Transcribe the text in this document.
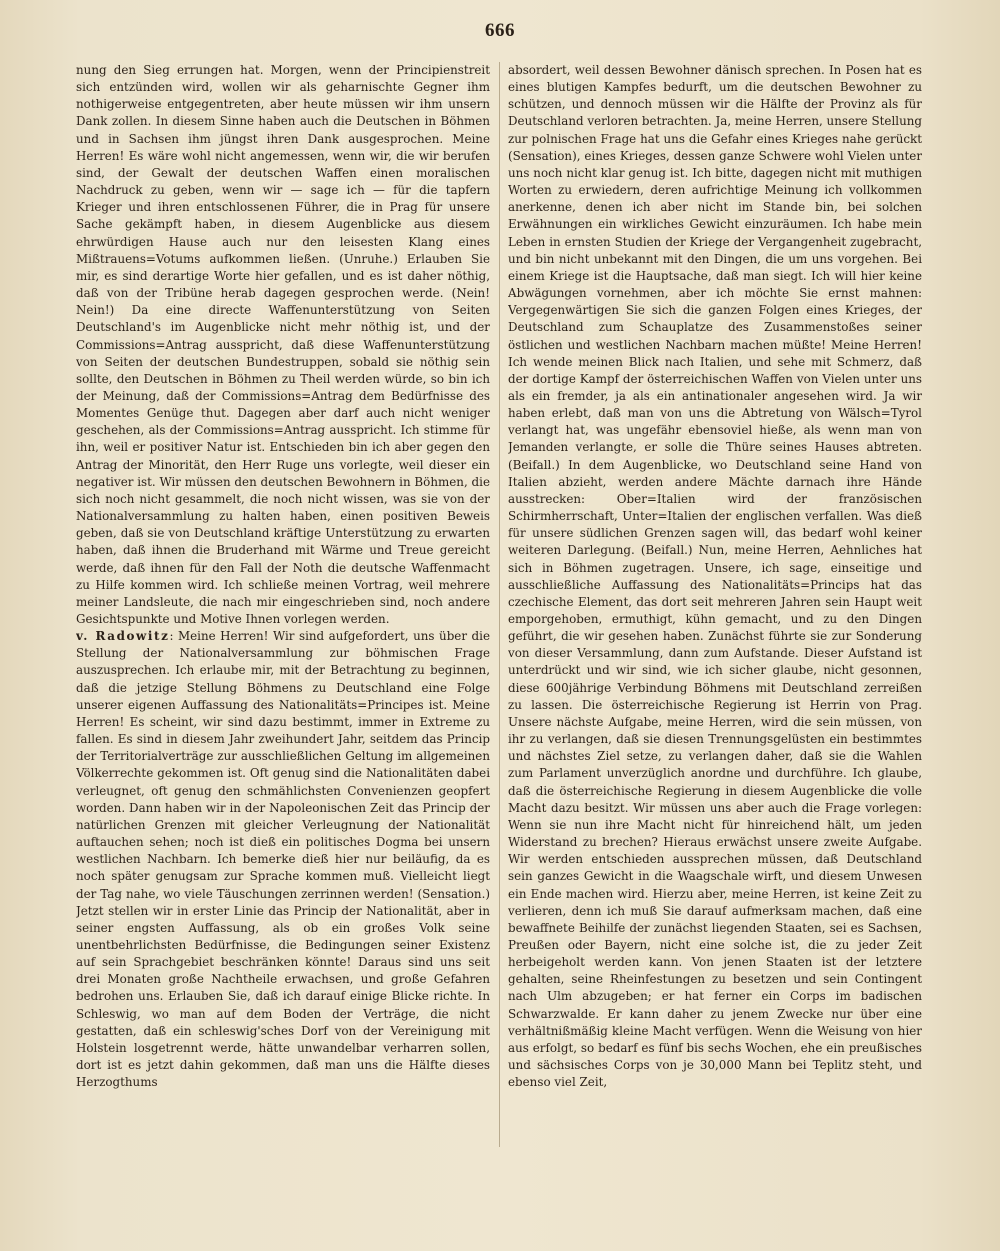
666

nung den Sieg errungen hat. Morgen, wenn der Principienstreit sich entzünden wird, wollen wir als geharnischte Gegner ihm nothigerweise entgegentreten, aber heute müssen wir ihm unsern Dank zollen. In diesem Sinne haben auch die Deutschen in Böhmen und in Sachsen ihm jüngst ihren Dank ausgesprochen. Meine Herren! Es wäre wohl nicht angemessen, wenn wir, die wir berufen sind, der Gewalt der deutschen Waffen einen moralischen Nachdruck zu geben, wenn wir — sage ich — für die tapfern Krieger und ihren entschlossenen Führer, die in Prag für unsere Sache gekämpft haben, in diesem Augenblicke aus diesem ehrwürdigen Hause auch nur den leisesten Klang eines Mißtrauens=Votums aufkommen ließen. (Unruhe.) Erlauben Sie mir, es sind derartige Worte hier gefallen, und es ist daher nöthig, daß von der Tribüne herab dagegen gesprochen werde. (Nein! Nein!) Da eine directe Waffenunterstützung von Seiten Deutschland's im Augenblicke nicht mehr nöthig ist, und der Commissions=Antrag ausspricht, daß diese Waffenunterstützung von Seiten der deutschen Bundestruppen, sobald sie nöthig sein sollte, den Deutschen in Böhmen zu Theil werden würde, so bin ich der Meinung, daß der Commissions=Antrag dem Bedürfnisse des Momentes Genüge thut. Dagegen aber darf auch nicht weniger geschehen, als der Commissions=Antrag ausspricht. Ich stimme für ihn, weil er positiver Natur ist. Entschieden bin ich aber gegen den Antrag der Minorität, den Herr Ruge uns vorlegte, weil dieser ein negativer ist. Wir müssen den deutschen Bewohnern in Böhmen, die sich noch nicht gesammelt, die noch nicht wissen, was sie von der Nationalversammlung zu halten haben, einen positiven Beweis geben, daß sie von Deutschland kräftige Unterstützung zu erwarten haben, daß ihnen die Bruderhand mit Wärme und Treue gereicht werde, daß ihnen für den Fall der Noth die deutsche Waffenmacht zu Hilfe kommen wird. Ich schließe meinen Vortrag, weil mehrere meiner Landsleute, die nach mir eingeschrieben sind, noch andere Gesichtspunkte und Motive Ihnen vorlegen werden.

v. Radowitz: Meine Herren! Wir sind aufgefordert, uns über die Stellung der Nationalversammlung zur böhmischen Frage auszusprechen. Ich erlaube mir, mit der Betrachtung zu beginnen, daß die jetzige Stellung Böhmens zu Deutschland eine Folge unserer eigenen Auffassung des Nationalitäts=Principes ist. Meine Herren! Es scheint, wir sind dazu bestimmt, immer in Extreme zu fallen. Es sind in diesem Jahr zweihundert Jahr, seitdem das Princip der Territorialverträge zur ausschließlichen Geltung im allgemeinen Völkerrechte gekommen ist. Oft genug sind die Nationalitäten dabei verleugnet, oft genug den schmählichsten Convenienzen geopfert worden. Dann haben wir in der Napoleonischen Zeit das Princip der natürlichen Grenzen mit gleicher Verleugnung der Nationalität auftauchen sehen; noch ist dieß ein politisches Dogma bei unsern westlichen Nachbarn. Ich bemerke dieß hier nur beiläufig, da es noch später genugsam zur Sprache kommen muß. Vielleicht liegt der Tag nahe, wo viele Täuschungen zerrinnen werden! (Sensation.) Jetzt stellen wir in erster Linie das Princip der Nationalität, aber in seiner engsten Auffassung, als ob ein großes Volk seine unentbehrlichsten Bedürfnisse, die Bedingungen seiner Existenz auf sein Sprachgebiet beschränken könnte! Daraus sind uns seit drei Monaten große Nachtheile erwachsen, und große Gefahren bedrohen uns. Erlauben Sie, daß ich darauf einige Blicke richte. In Schleswig, wo man auf dem Boden der Verträge, die nicht gestatten, daß ein schleswig'sches Dorf von der Vereinigung mit Holstein losgetrennt werde, hätte unwandelbar verharren sollen, dort ist es jetzt dahin gekommen, daß man uns die Hälfte dieses Herzogthums

absordert, weil dessen Bewohner dänisch sprechen. In Posen hat es eines blutigen Kampfes bedurft, um die deutschen Bewohner zu schützen, und dennoch müssen wir die Hälfte der Provinz als für Deutschland verloren betrachten. Ja, meine Herren, unsere Stellung zur polnischen Frage hat uns die Gefahr eines Krieges nahe gerückt (Sensation), eines Krieges, dessen ganze Schwere wohl Vielen unter uns noch nicht klar genug ist. Ich bitte, dagegen nicht mit muthigen Worten zu erwiedern, deren aufrichtige Meinung ich vollkommen anerkenne, denen ich aber nicht im Stande bin, bei solchen Erwähnungen ein wirkliches Gewicht einzuräumen. Ich habe mein Leben in ernsten Studien der Kriege der Vergangenheit zugebracht, und bin nicht unbekannt mit den Dingen, die um uns vorgehen. Bei einem Kriege ist die Hauptsache, daß man siegt. Ich will hier keine Abwägungen vornehmen, aber ich möchte Sie ernst mahnen: Vergegenwärtigen Sie sich die ganzen Folgen eines Krieges, der Deutschland zum Schauplatze des Zusammenstoßes seiner östlichen und westlichen Nachbarn machen müßte! Meine Herren! Ich wende meinen Blick nach Italien, und sehe mit Schmerz, daß der dortige Kampf der österreichischen Waffen von Vielen unter uns als ein fremder, ja als ein antinationaler angesehen wird. Ja wir haben erlebt, daß man von uns die Abtretung von Wälsch=Tyrol verlangt hat, was ungefähr ebensoviel hieße, als wenn man von Jemanden verlangte, er solle die Thüre seines Hauses abtreten. (Beifall.) In dem Augenblicke, wo Deutschland seine Hand von Italien abzieht, werden andere Mächte darnach ihre Hände ausstrecken: Ober=Italien wird der französischen Schirmherrschaft, Unter=Italien der englischen verfallen. Was dieß für unsere südlichen Grenzen sagen will, das bedarf wohl keiner weiteren Darlegung. (Beifall.) Nun, meine Herren, Aehnliches hat sich in Böhmen zugetragen. Unsere, ich sage, einseitige und ausschließliche Auffassung des Nationalitäts=Princips hat das czechische Element, das dort seit mehreren Jahren sein Haupt weit emporgehoben, ermuthigt, kühn gemacht, und zu den Dingen geführt, die wir gesehen haben. Zunächst führte sie zur Sonderung von dieser Versammlung, dann zum Aufstande. Dieser Aufstand ist unterdrückt und wir sind, wie ich sicher glaube, nicht gesonnen, diese 600jährige Verbindung Böhmens mit Deutschland zerreißen zu lassen. Die österreichische Regierung ist Herrin von Prag. Unsere nächste Aufgabe, meine Herren, wird die sein müssen, von ihr zu verlangen, daß sie diesen Trennungsgelüsten ein bestimmtes und nächstes Ziel setze, zu verlangen daher, daß sie die Wahlen zum Parlament unverzüglich anordne und durchführe. Ich glaube, daß die österreichische Regierung in diesem Augenblicke die volle Macht dazu besitzt. Wir müssen uns aber auch die Frage vorlegen: Wenn sie nun ihre Macht nicht für hinreichend hält, um jeden Widerstand zu brechen? Hieraus erwächst unsere zweite Aufgabe. Wir werden entschieden aussprechen müssen, daß Deutschland sein ganzes Gewicht in die Waagschale wirft, und diesem Unwesen ein Ende machen wird. Hierzu aber, meine Herren, ist keine Zeit zu verlieren, denn ich muß Sie darauf aufmerksam machen, daß eine bewaffnete Beihilfe der zunächst liegenden Staaten, sei es Sachsen, Preußen oder Bayern, nicht eine solche ist, die zu jeder Zeit herbeigeholt werden kann. Von jenen Staaten ist der letztere gehalten, seine Rheinfestungen zu besetzen und sein Contingent nach Ulm abzugeben; er hat ferner ein Corps im badischen Schwarzwalde. Er kann daher zu jenem Zwecke nur über eine verhältnißmäßig kleine Macht verfügen. Wenn die Weisung von hier aus erfolgt, so bedarf es fünf bis sechs Wochen, ehe ein preußisches und sächsisches Corps von je 30,000 Mann bei Teplitz steht, und ebenso viel Zeit,
